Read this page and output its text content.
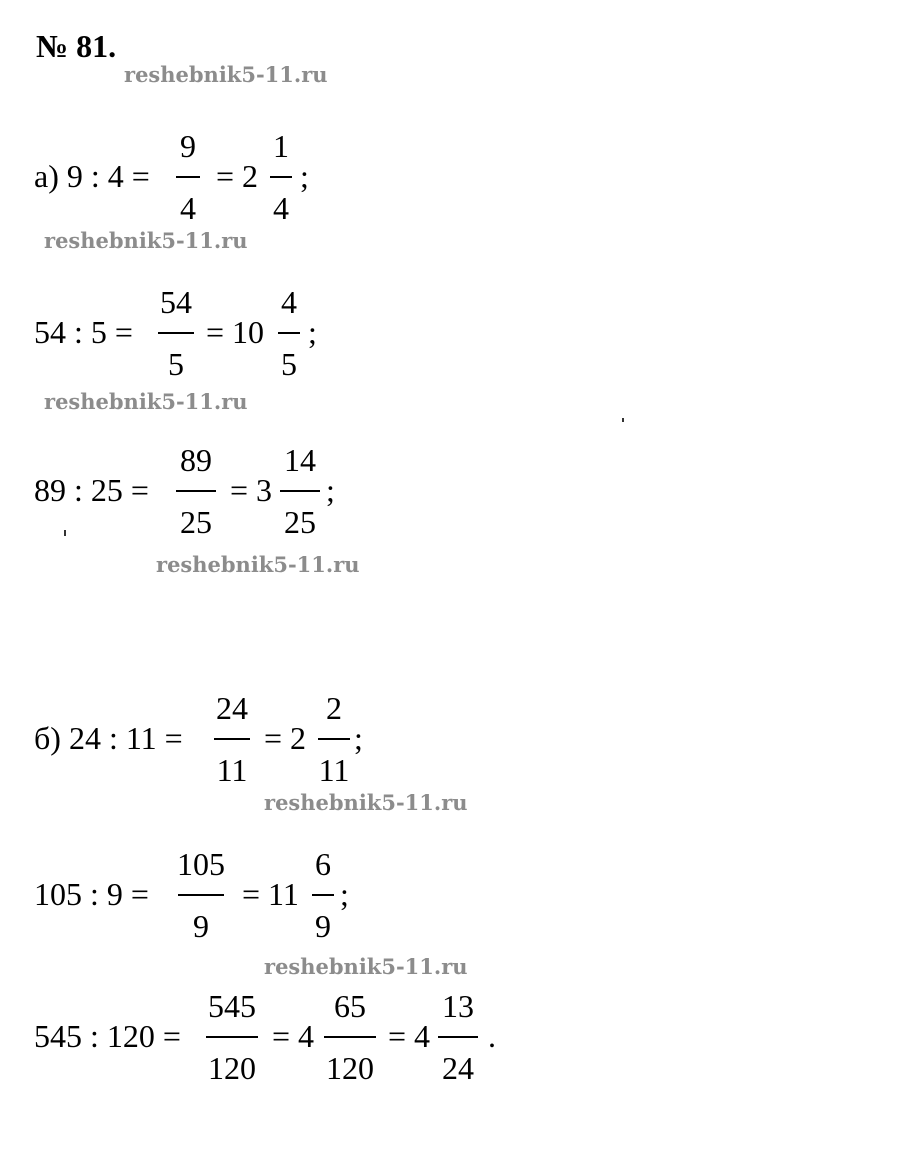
№ 81.
reshebnik5-11.ru
а) 9 : 4 =
9
4
= 2
1
4
;
reshebnik5-11.ru
54 : 5 =
54
5
= 10
4
5
;
reshebnik5-11.ru
89 : 25 =
89
25
= 3
14
25
;
reshebnik5-11.ru
б) 24 : 11 =
24
11
= 2
2
11
;
reshebnik5-11.ru
105 : 9 =
105
9
= 11
6
9
;
reshebnik5-11.ru
545 : 120 =
545
120
= 4
65
120
= 4
13
24
.
